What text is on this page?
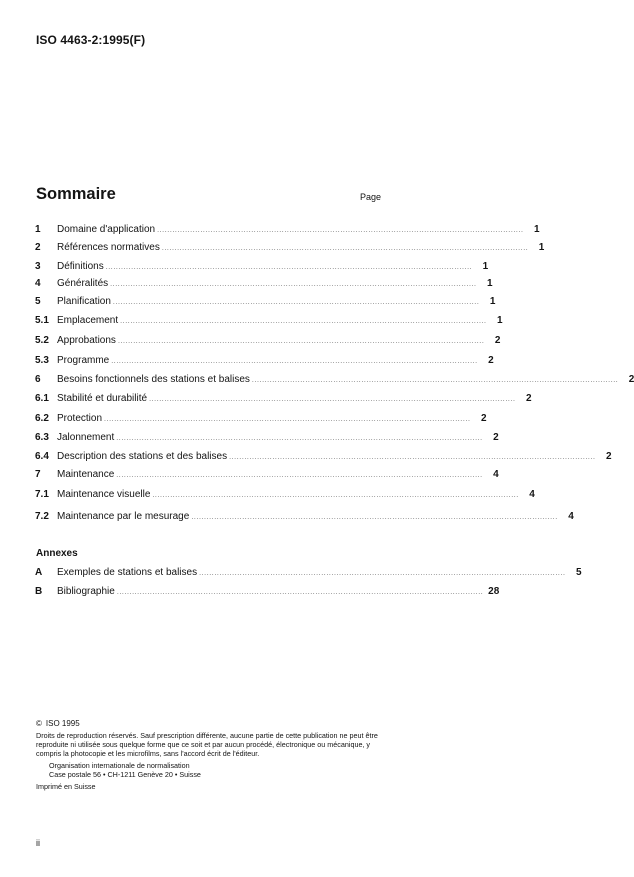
ISO 4463-2:1995(F)
Sommaire	Page
1	Domaine d'application ................................................................................................................................................	1
2	Références normatives ................................................................................................................................................	1
3	Définitions ................................................................................................................................................	1
4	Généralités ................................................................................................................................................	1
5	Planification ................................................................................................................................................	1
5.1 Emplacement ................................................................................................................................................	1
5.2 Approbations ................................................................................................................................................	2
5.3 Programme ................................................................................................................................................	2
6	Besoins fonctionnels des stations et balises ................................................................................................................................................	2
6.1 Stabilité et durabilité ................................................................................................................................................	2
6.2 Protection ................................................................................................................................................	2
6.3 Jalonnement ................................................................................................................................................	2
6.4 Description des stations et des balises ................................................................................................................................................	2
7	Maintenance ................................................................................................................................................	4
7.1 Maintenance visuelle ................................................................................................................................................	4
7.2 Maintenance par le mesurage ................................................................................................................................................	4
A	Exemples de stations et balises ................................................................................................................................................	5
B	Bibliographie ................................................................................................................................................ 28
Annexes
© ISO 1995
Droits de reproduction réservés. Sauf prescription différente, aucune partie de cette publication ne peut être reproduite ni utilisée sous quelque forme que ce soit et par aucun procédé, électronique ou mécanique, y compris la photocopie et les microfilms, sans l'accord écrit de l'éditeur.
Organisation internationale de normalisation
Case postale 56 • CH-1211 Genève 20 • Suisse
Imprimé en Suisse
ii
